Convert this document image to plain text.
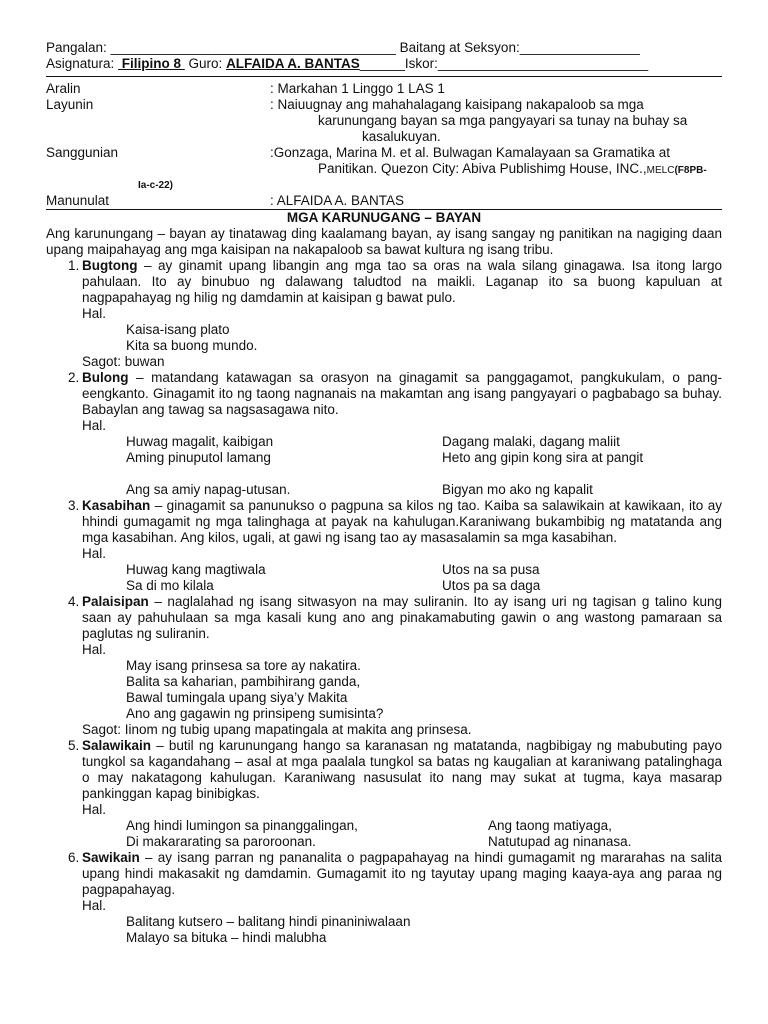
Pangalan: ______________________________________ Baitang at Seksyon:________________
Asignatura: Filipino 8 Guro: ALFAIDA A. BANTAS ______ Iskor:____________________________
Aralin	: Markahan 1 Linggo 1 LAS 1
Layunin	: Naiuugnay ang mahahalagang kaisipang nakapaloob sa mga
karunungang bayan sa mga pangyayari sa tunay na buhay sa
kasalukuyan.
Sanggunian	:Gonzaga, Marina M. et al. Bulwagan Kamalayaan sa Gramatika at
Panitikan. Quezon City: Abiva Publishimg House, INC.,MELC(F8PB-
Ia-c-22)
Manunulat	: ALFAIDA A. BANTAS
MGA KARUNUGANG – BAYAN
Ang karunungang – bayan ay tinatawag ding kaalamang bayan, ay isang sangay ng panitikan na nagiging daan upang maipahayag ang mga kaisipan na nakapaloob sa bawat kultura ng isang tribu.
1. Bugtong – ay ginamit upang libangin ang mga tao sa oras na wala silang ginagawa. Isa itong largo pahulaan. Ito ay binubuo ng dalawang taludtod na maikli. Laganap ito sa buong kapuluan at nagpapahayag ng hilig ng damdamin at kaisipan g bawat pulo.
Hal.
Kaisa-isang plato
Kita sa buong mundo.
Sagot: buwan
2. Bulong – matandang katawagan sa orasyon na ginagamit sa panggagamot, pangkukulam, o pang-eengkanto. Ginagamit ito ng taong nagnanais na makamtan ang isang pangyayari o pagbabago sa buhay. Babaylan ang tawag sa nagsasagawa nito.
Hal.
Huwag magalit, kaibigan	Dagang malaki, dagang maliit
Aming pinuputol lamang	Heto ang gipin kong sira at pangit
Ang sa amiy napag-utusan.	Bigyan mo ako ng kapalit
3. Kasabihan – ginagamit sa panunukso o pagpuna sa kilos ng tao. Kaiba sa salawikain at kawikaan, ito ay hhindi gumagamit ng mga talinghaga at payak na kahulugan.Karaniwang bukambibig ng matatanda ang mga kasabihan. Ang kilos, ugali, at gawi ng isang tao ay masasalamin sa mga kasabihan.
Hal.
Huwag kang magtiwala	Utos na sa pusa
Sa di mo kilala	Utos pa sa daga
4. Palaisipan – naglalahad ng isang sitwasyon na may suliranin. Ito ay isang uri ng tagisan g talino kung saan ay pahuhulaan sa mga kasali kung ano ang pinakamabuting gawin o ang wastong pamaraan sa paglutas ng suliranin.
Hal.
May isang prinsesa sa tore ay nakatira.
Balita sa kaharian, pambihirang ganda,
Bawal tumingala upang siya’y Makita
Ano ang gagawin ng prinsipeng sumisinta?
Sagot: Iinom ng tubig upang mapatingala at makita ang prinsesa.
5. Salawikain – butil ng karunungang hango sa karanasan ng matatanda, nagbibigay ng mabubuting payo tungkol sa kagandahang – asal at mga paalala tungkol sa batas ng kaugalian at karaniwang patalinghaga o may nakatagong kahulugan. Karaniwang nasusulat ito nang may sukat at tugma, kaya masarap pankinggan kapag binibigkas.
Hal.
Ang hindi lumingon sa pinanggalingan,	Ang taong matiyaga,
Di makararating sa paroroonan.	Natutupad ag ninanasa.
6. Sawikain – ay isang parran ng pananalita o pagpapahayag na hindi gumagamit ng mararahas na salita upang hindi makasakit ng damdamin. Gumagamit ito ng tayutay upang maging kaaya-aya ang paraa ng pagpapahayag.
Hal.
Balitang kutsero – balitang hindi pinaniniwalaan
Malayo sa bituka – hindi malubha
